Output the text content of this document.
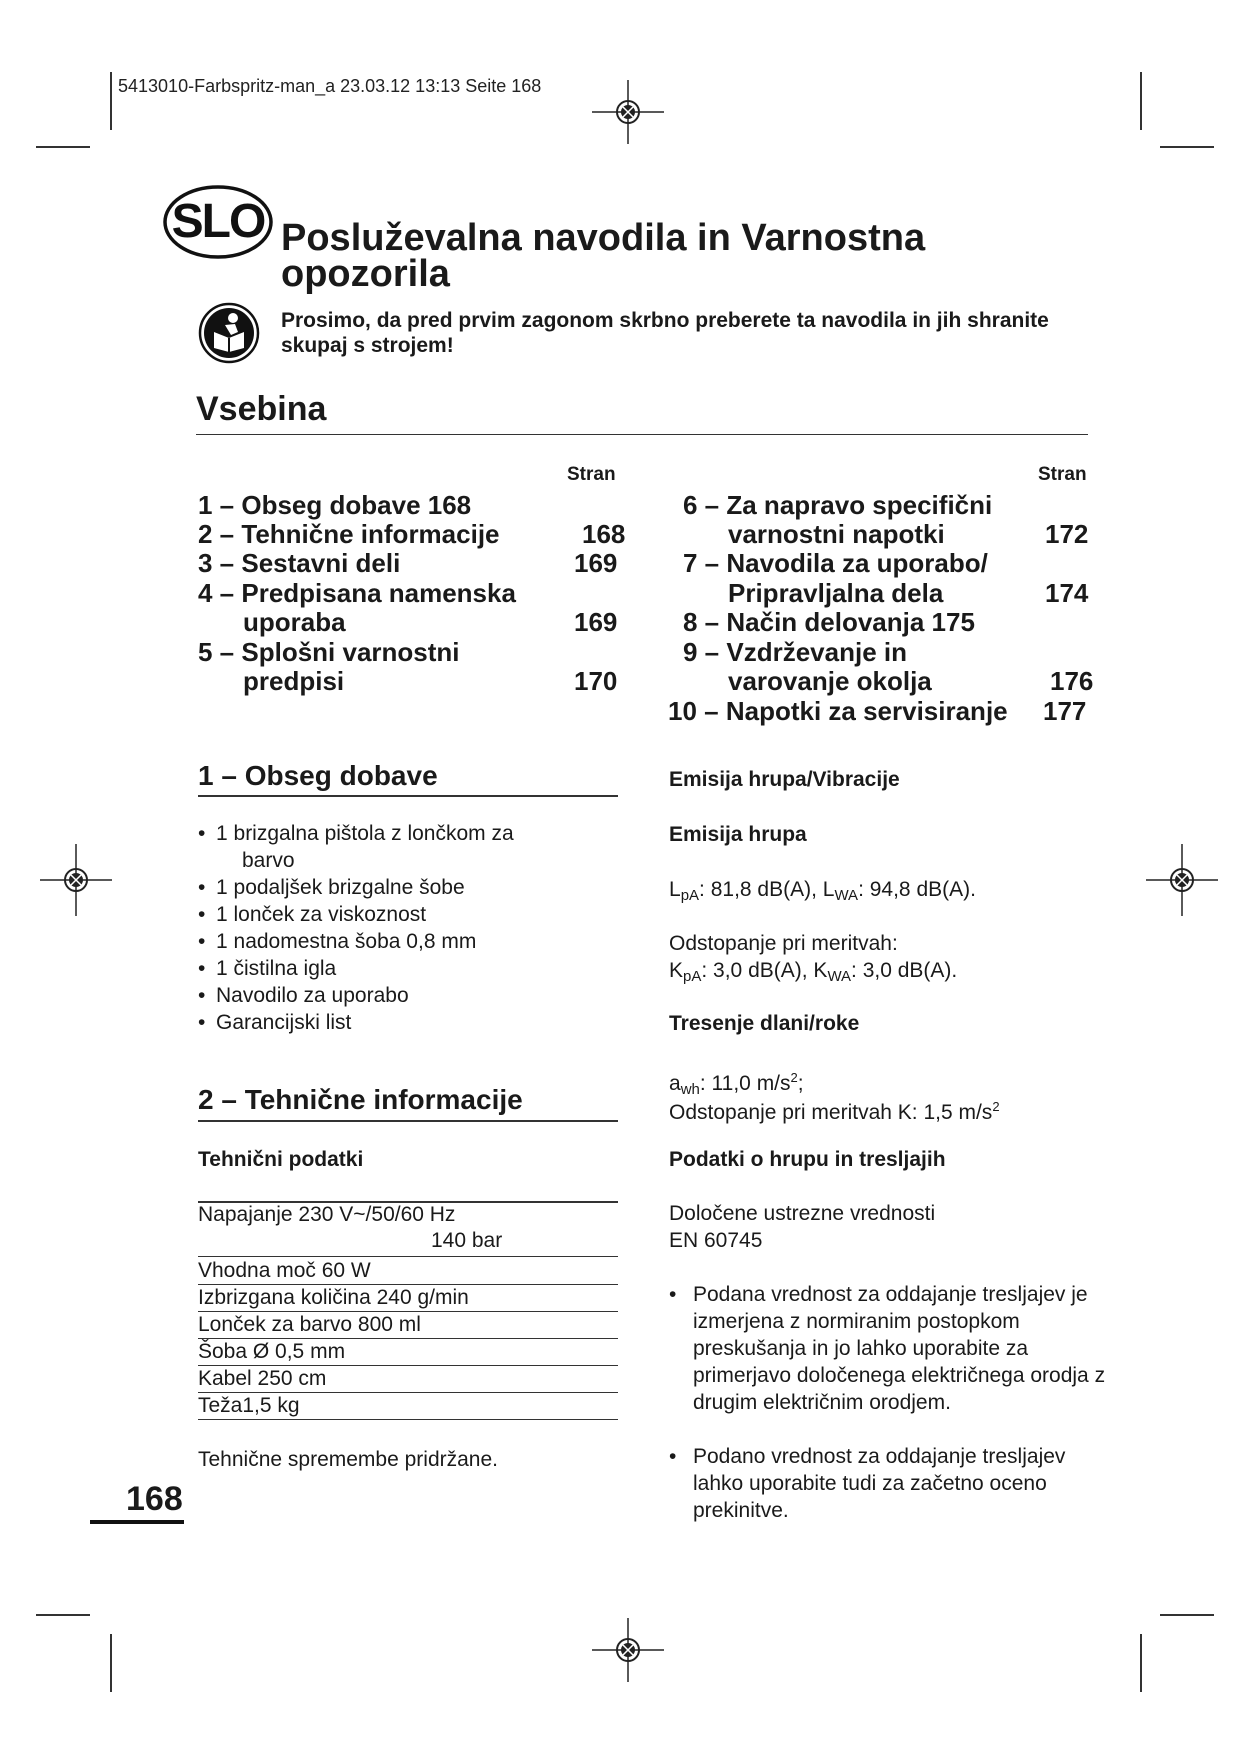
5413010-Farbspritz-man_a 23.03.12 13:13 Seite 168
SLO Posluževalna navodila in Varnostna opozorila
Prosimo, da pred prvim zagonom skrbno preberete ta navodila in jih shranite skupaj s strojem!
Vsebina
Stran	Stran
1 – Obseg dobave 168
2 – Tehnične informacije	168
3 – Sestavni deli	169
4 – Predpisana namenska
uporaba	169
5 – Splošni varnostni
predpisi	170
6 – Za napravo specifični
varnostni napotki	172
7 – Navodila za uporabo/
Pripravljalna dela	174
8 – Način delovanja 175
9 – Vzdrževanje in
varovanje okolja	176
10 – Napotki za servisiranje 177
1 – Obseg dobave
• 1 brizgalna pištola z lončkom za
barvo
• 1 podaljšek brizgalne šobe
• 1 lonček za viskoznost
• 1 nadomestna šoba 0,8 mm
• 1 čistilna igla
• Navodilo za uporabo
• Garancijski list
2 – Tehnične informacije
Tehnični podatki
Napajanje 230 V~/50/60 Hz
140 bar
Vhodna moč 60 W
Izbrizgana količina 240 g/min
Lonček za barvo 800 ml
Šoba Ø 0,5 mm
Kabel 250 cm
Teža1,5 kg
Tehnične spremembe pridržane.
Emisija hrupa/Vibracije
Emisija hrupa
$L_{pA}$: 81,8 dB(A), $L_{WA}$: 94,8 dB(A).
Odstopanje pri meritvah:
$K_{pA}$: 3,0 dB(A), $K_{WA}$: 3,0 dB(A).
Tresenje dlani/roke
$a_{wh}$: 11,0 $m/s^2$;
Odstopanje pri meritvah K: 1,5 $m/s^2$
Podatki o hrupu in tresljajih
Določene ustrezne vrednosti
EN 60745
• Podana vrednost za oddajanje tresljajev je izmerjena z normiranim postopkom preskušanja in jo lahko uporabite za primerjavo določenega električnega orodja z drugim električnim orodjem.
• Podano vrednost za oddajanje tresljajev lahko uporabite tudi za začetno oceno prekinitve.
168
